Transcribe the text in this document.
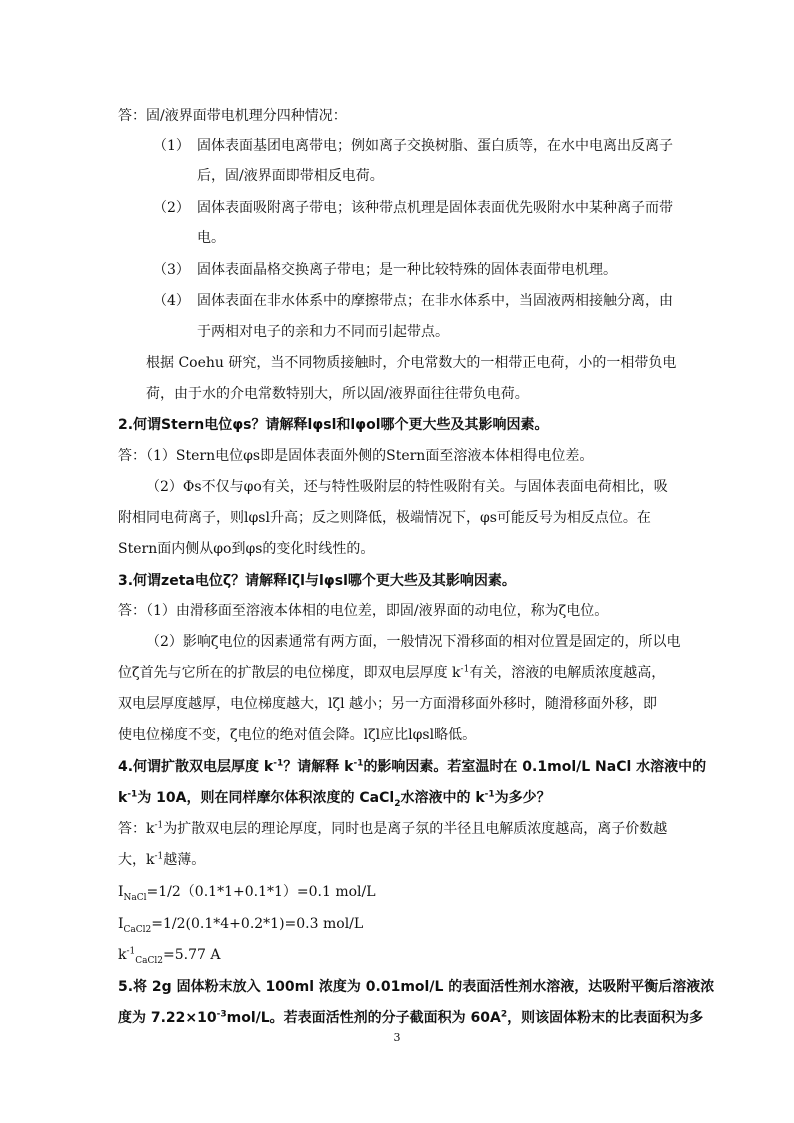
答：固/液界面带电机理分四种情况：
（1） 固体表面基团电离带电；例如离子交换树脂、蛋白质等，在水中电离出反离子
后，固/液界面即带相反电荷。
（2） 固体表面吸附离子带电；该种带点机理是固体表面优先吸附水中某种离子而带
电。
（3） 固体表面晶格交换离子带电；是一种比较特殊的固体表面带电机理。
（4） 固体表面在非水体系中的摩擦带点；在非水体系中，当固液两相接触分离，由
于两相对电子的亲和力不同而引起带点。
根据 Coehu 研究，当不同物质接触时，介电常数大的一相带正电荷，小的一相带负电
荷，由于水的介电常数特别大，所以固/液界面往往带负电荷。
2.何谓Stern电位φs？请解释lφsl和lφol哪个更大些及其影响因素。
答：（1）Stern电位φs即是固体表面外侧的Stern面至溶液本体相得电位差。
（2）Φs不仅与φo有关，还与特性吸附层的特性吸附有关。与固体表面电荷相比，吸
附相同电荷离子，则lφsl升高；反之则降低，极端情况下，φs可能反号为相反点位。在
Stern面内侧从φo到φs的变化时线性的。
3.何谓zeta电位ζ？请解释lζl与lφsl哪个更大些及其影响因素。
答：（1）由滑移面至溶液本体相的电位差，即固/液界面的动电位，称为ζ电位。
（2）影响ζ电位的因素通常有两方面，一般情况下滑移面的相对位置是固定的，所以电
位ζ首先与它所在的扩散层的电位梯度，即双电层厚度 $k^{-1}$有关，溶液的电解质浓度越高，
双电层厚度越厚，电位梯度越大，lζl 越小；另一方面滑移面外移时，随滑移面外移，即
使电位梯度不变，ζ电位的绝对值会降。lζl应比lφsl略低。
4.何谓扩散双电层厚度 $k^{-1}$？请解释 $k^{-1}$的影响因素。若室温时在 0.1mol/L NaCl 水溶液中的
$k^{-1}$为 10A，则在同样摩尔体积浓度的 CaCl$_2$水溶液中的 $k^{-1}$为多少？
答：$k^{-1}$为扩散双电层的理论厚度，同时也是离子氛的半径且电解质浓度越高，离子价数越
大，$k^{-1}$越薄。
$I_{NaCl}=1/2(0.1*1+0.1*1)=0.1$ mol/L
$I_{CaCl2}=1/2(0.1*4+0.2*1)=0.3$ mol/L
$k^{-1}_{CaCl2}=5.77$ A
5.将 2g 固体粉末放入 100ml 浓度为 0.01mol/L 的表面活性剂水溶液，达吸附平衡后溶液浓
度为 $7.22\times 10^{-3}mol/L$。若表面活性剂的分子截面积为 $60A^2$，则该固体粉末的比表面积为多
3
